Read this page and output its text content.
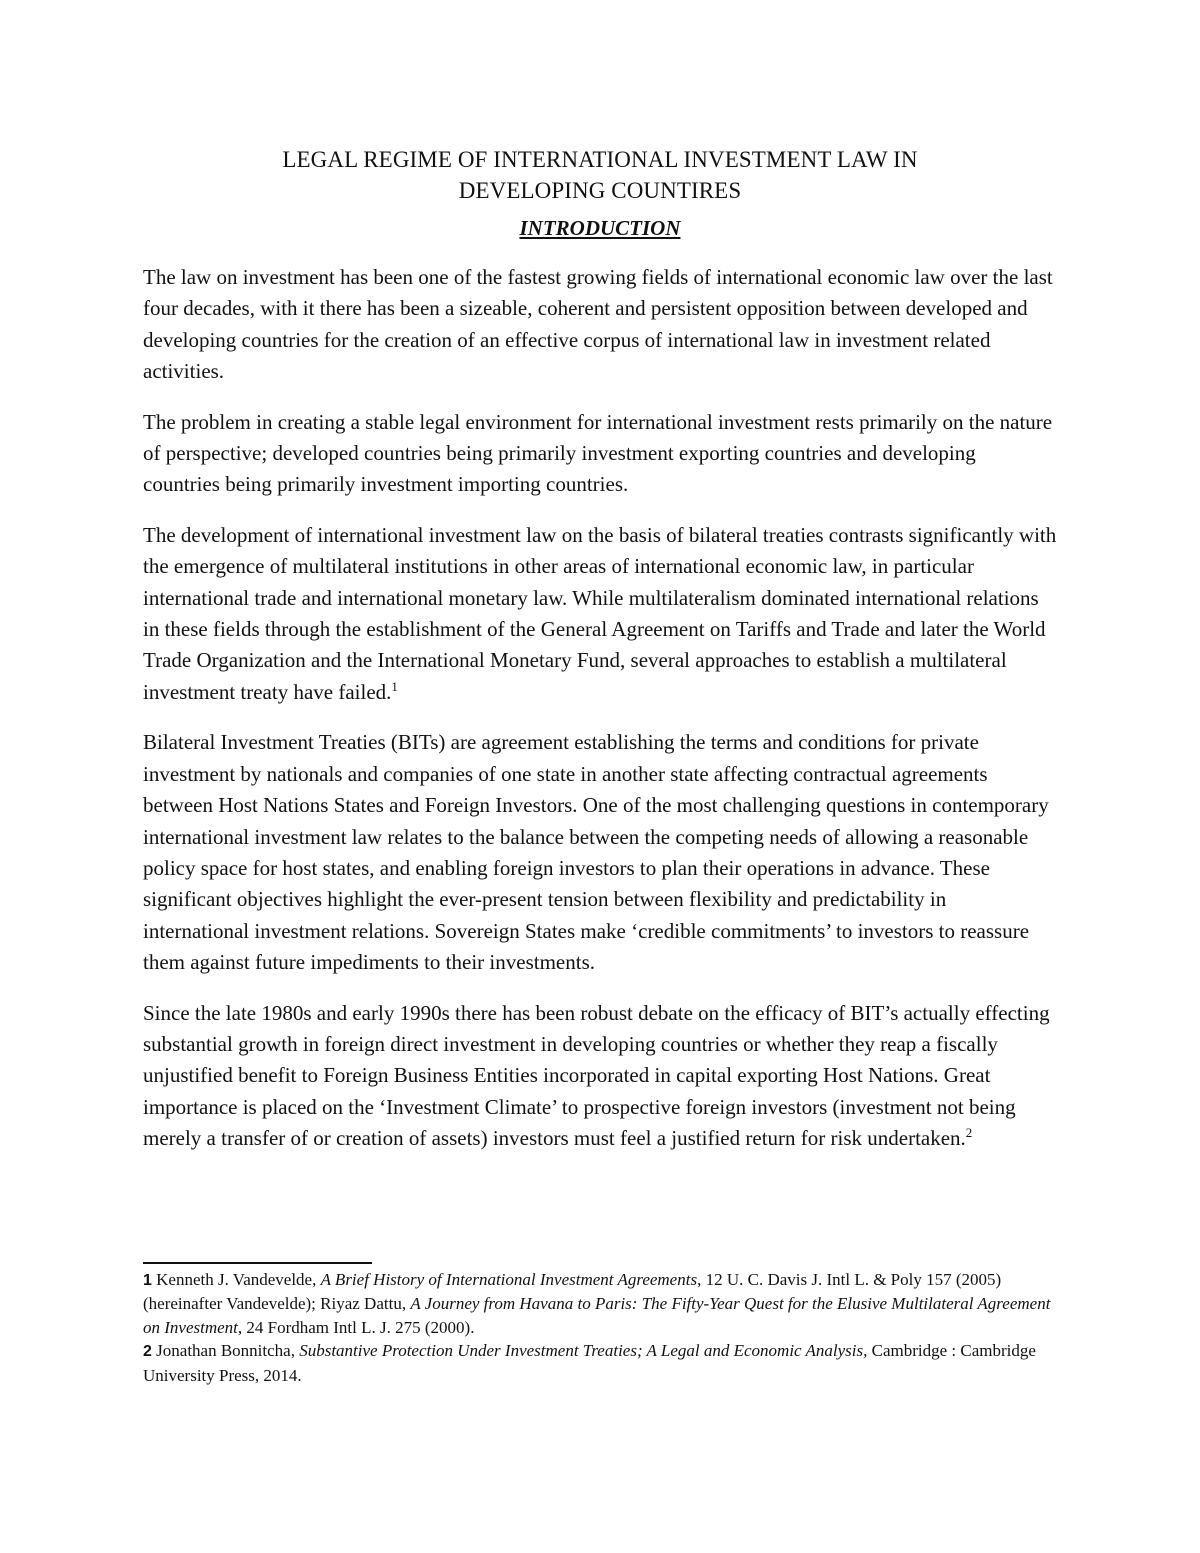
LEGAL REGIME OF INTERNATIONAL INVESTMENT LAW IN
DEVELOPING COUNTIRES
INTRODUCTION

The law on investment has been one of the fastest growing fields of international economic law over the last four decades, with it there has been a sizeable, coherent and persistent opposition between developed and developing countries for the creation of an effective corpus of international law in investment related activities.

The problem in creating a stable legal environment for international investment rests primarily on the nature of perspective; developed countries being primarily investment exporting countries and developing countries being primarily investment importing countries.

The development of international investment law on the basis of bilateral treaties contrasts significantly with the emergence of multilateral institutions in other areas of international economic law, in particular international trade and international monetary law. While multilateralism dominated international relations in these fields through the establishment of the General Agreement on Tariffs and Trade and later the World Trade Organization and the International Monetary Fund, several approaches to establish a multilateral investment treaty have failed.$^1$

Bilateral Investment Treaties (BITs) are agreement establishing the terms and conditions for private investment by nationals and companies of one state in another state affecting contractual agreements between Host Nations States and Foreign Investors. One of the most challenging questions in contemporary international investment law relates to the balance between the competing needs of allowing a reasonable policy space for host states, and enabling foreign investors to plan their operations in advance. These significant objectives highlight the ever-present tension between flexibility and predictability in international investment relations. Sovereign States make ‘credible commitments’ to investors to reassure them against future impediments to their investments.

Since the late 1980s and early 1990s there has been robust debate on the efficacy of BIT’s actually effecting substantial growth in foreign direct investment in developing countries or whether they reap a fiscally unjustified benefit to Foreign Business Entities incorporated in capital exporting Host Nations. Great importance is placed on the ‘Investment Climate’ to prospective foreign investors (investment not being merely a transfer of or creation of assets) investors must feel a justified return for risk undertaken.$^2$

1 Kenneth J. Vandevelde, A Brief History of International Investment Agreements, 12 U. C. Davis J. Intl L. & Poly 157 (2005) (hereinafter Vandevelde); Riyaz Dattu, A Journey from Havana to Paris: The Fifty-Year Quest for the Elusive Multilateral Agreement on Investment, 24 Fordham Intl L. J. 275 (2000).

2 Jonathan Bonnitcha, Substantive Protection Under Investment Treaties; A Legal and Economic Analysis, Cambridge : Cambridge University Press, 2014.
